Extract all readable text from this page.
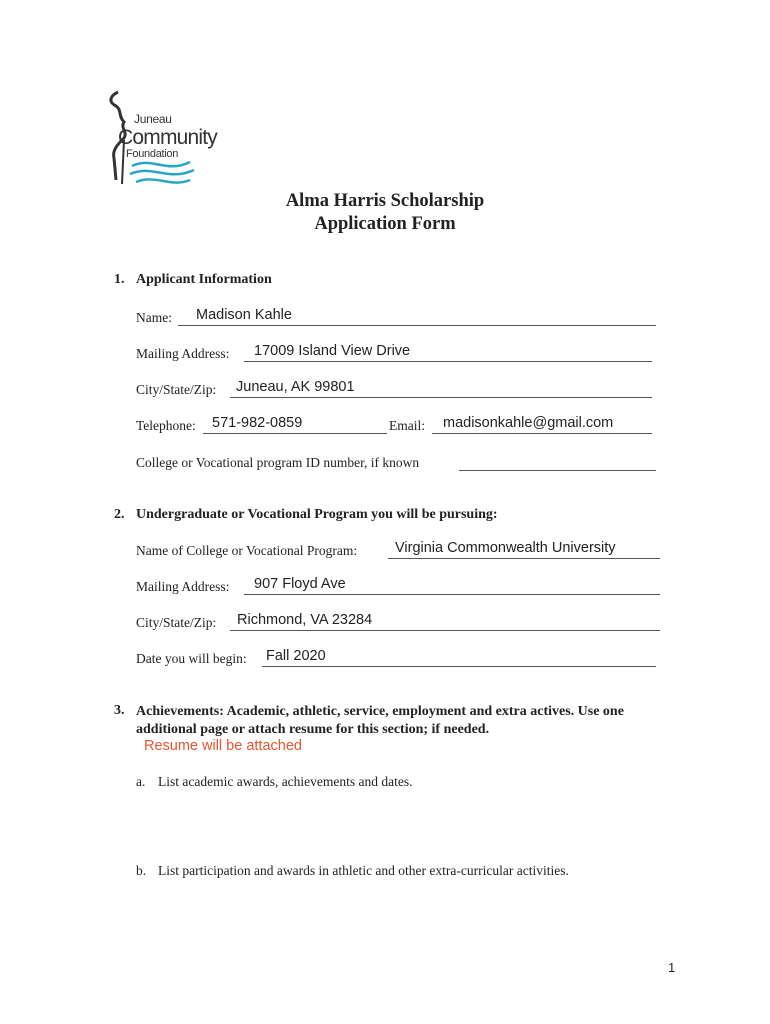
Juneau
Community
Foundation
Alma Harris Scholarship
Application Form
1. Applicant Information
Name: Madison Kahle
Mailing Address: 17009 Island View Drive
City/State/Zip: Juneau, AK 99801
Telephone: 571-982-0859	Email: madisonkahle@gmail.com
College or Vocational program ID number, if known
2. Undergraduate or Vocational Program you will be pursuing:
Name of College or Vocational Program:	Virginia Commonwealth University
Mailing Address: 907 Floyd Ave
City/State/Zip: Richmond, VA 23284
Date you will begin: Fall 2020
3. Achievements: Academic, athletic, service, employment and extra actives. Use one
additional page or attach resume for this section; if needed.
Resume will be attached
a. List academic awards, achievements and dates.
b. List participation and awards in athletic and other extra-curricular activities.
1
